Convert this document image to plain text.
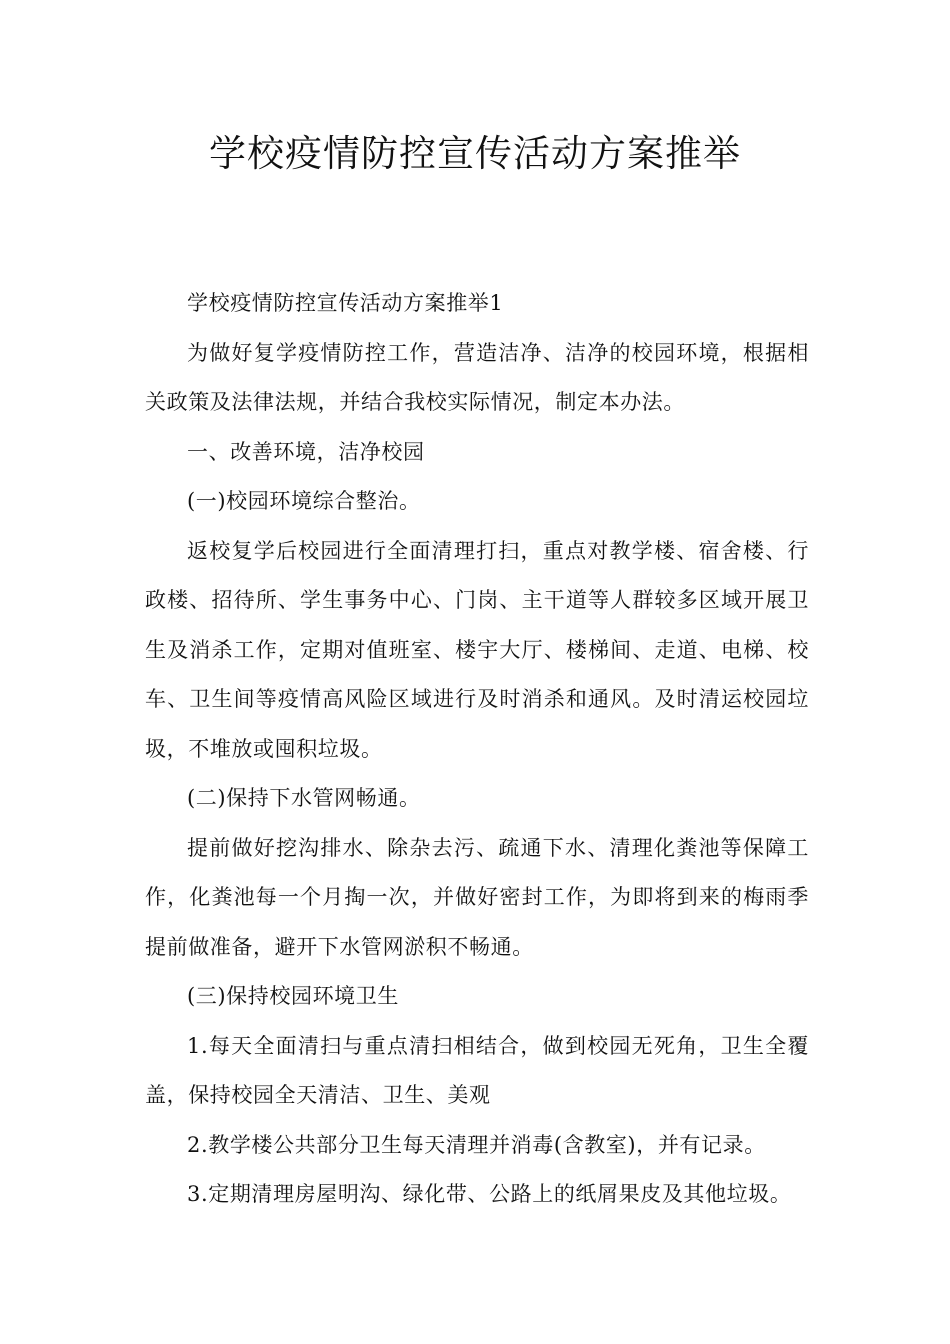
学校疫情防控宣传活动方案推举

学校疫情防控宣传活动方案推举1

为做好复学疫情防控工作，营造洁净、洁净的校园环境，根据相关政策及法律法规，并结合我校实际情况，制定本办法。

一、改善环境，洁净校园

(一)校园环境综合整治。

返校复学后校园进行全面清理打扫，重点对教学楼、宿舍楼、行政楼、招待所、学生事务中心、门岗、主干道等人群较多区域开展卫生及消杀工作，定期对值班室、楼宇大厅、楼梯间、走道、电梯、校车、卫生间等疫情高风险区域进行及时消杀和通风。及时清运校园垃圾，不堆放或囤积垃圾。

(二)保持下水管网畅通。

提前做好挖沟排水、除杂去污、疏通下水、清理化粪池等保障工作，化粪池每一个月掏一次，并做好密封工作，为即将到来的梅雨季提前做准备，避开下水管网淤积不畅通。

(三)保持校园环境卫生

1.每天全面清扫与重点清扫相结合，做到校园无死角，卫生全覆盖，保持校园全天清洁、卫生、美观

2.教学楼公共部分卫生每天清理并消毒(含教室)，并有记录。

3.定期清理房屋明沟、绿化带、公路上的纸屑果皮及其他垃圾。
